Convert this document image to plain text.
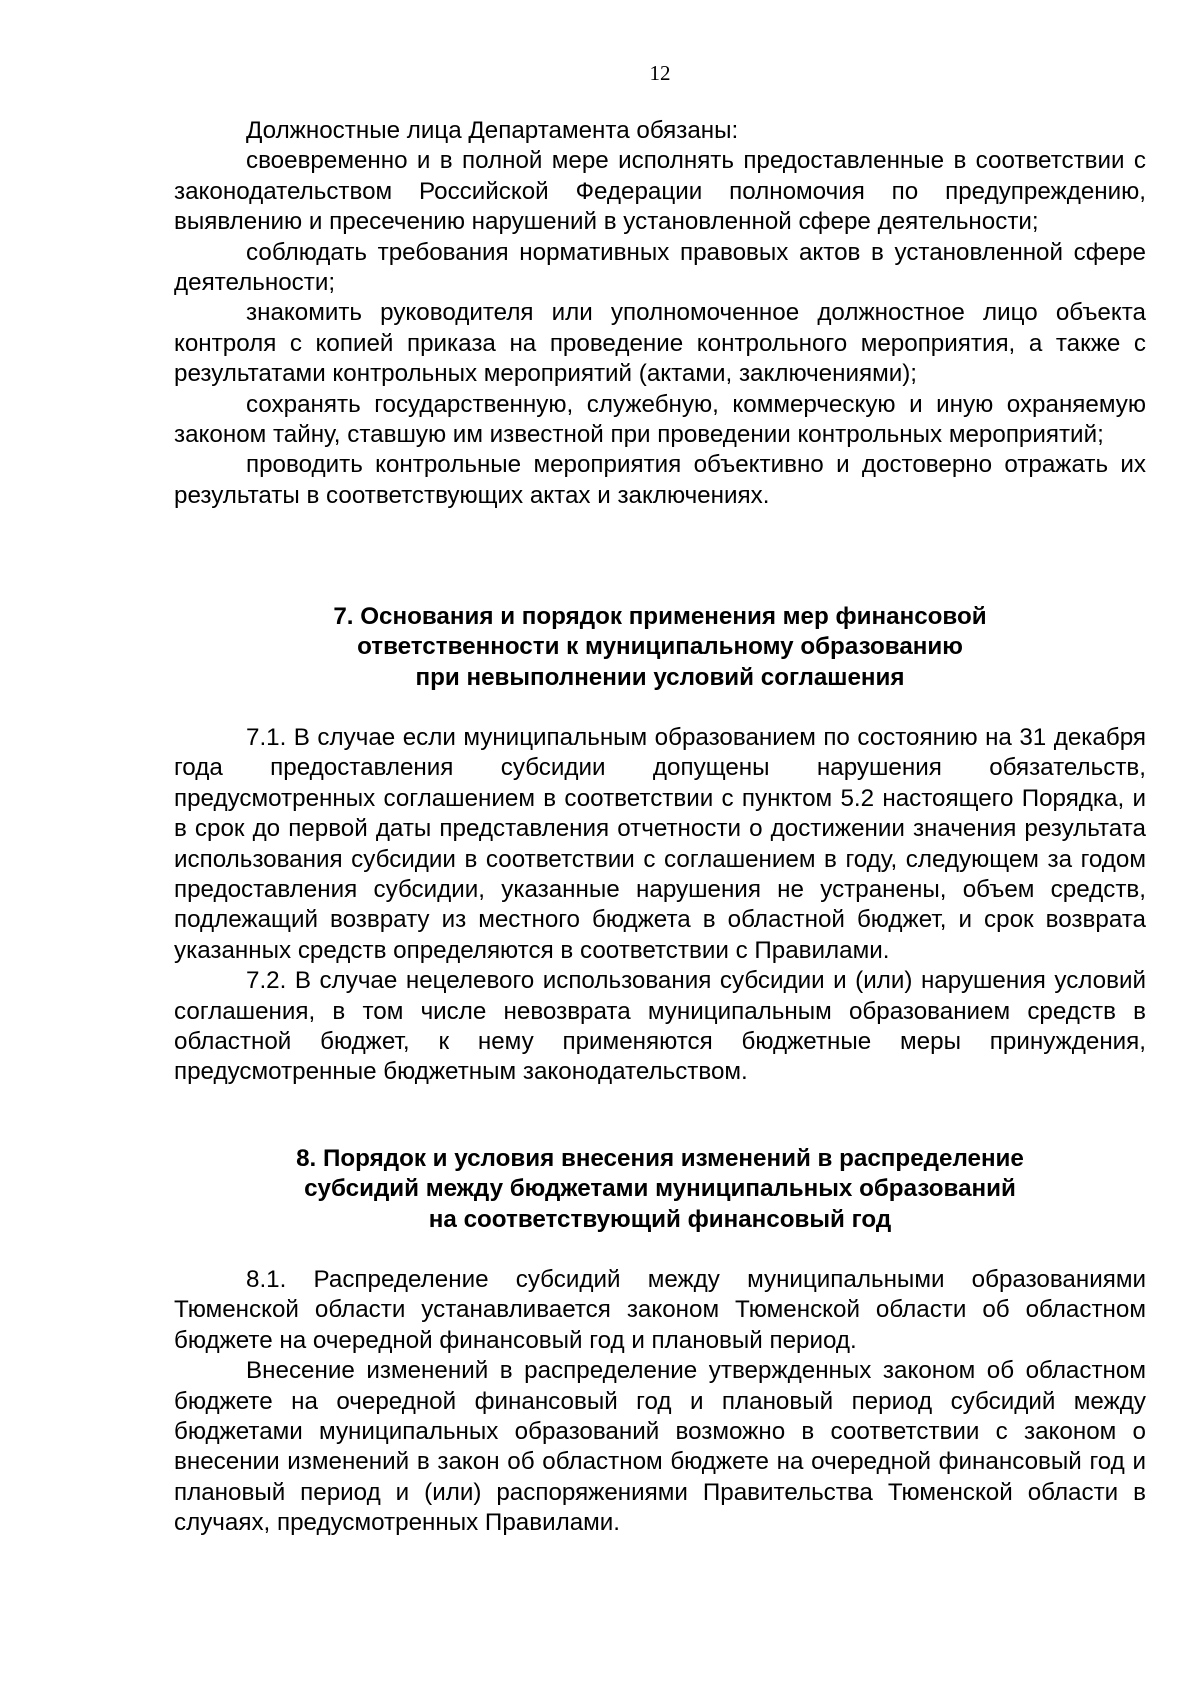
12

Должностные лица Департамента обязаны:

своевременно и в полной мере исполнять предоставленные в соответствии с законодательством Российской Федерации полномочия по предупреждению, выявлению и пресечению нарушений в установленной сфере деятельности;

соблюдать требования нормативных правовых актов в установленной сфере деятельности;

знакомить руководителя или уполномоченное должностное лицо объекта контроля с копией приказа на проведение контрольного мероприятия, а также с результатами контрольных мероприятий (актами, заключениями);

сохранять государственную, служебную, коммерческую и иную охраняемую законом тайну, ставшую им известной при проведении контрольных мероприятий;

проводить контрольные мероприятия объективно и достоверно отражать их результаты в соответствующих актах и заключениях.

7. Основания и порядок применения мер финансовой
ответственности к муниципальному образованию
при невыполнении условий соглашения

7.1. В случае если муниципальным образованием по состоянию на 31 декабря года предоставления субсидии допущены нарушения обязательств, предусмотренных соглашением в соответствии с пунктом 5.2 настоящего Порядка, и в срок до первой даты представления отчетности о достижении значения результата использования субсидии в соответствии с соглашением в году, следующем за годом предоставления субсидии, указанные нарушения не устранены, объем средств, подлежащий возврату из местного бюджета в областной бюджет, и срок возврата указанных средств определяются в соответствии с Правилами.

7.2. В случае нецелевого использования субсидии и (или) нарушения условий соглашения, в том числе невозврата муниципальным образованием средств в областной бюджет, к нему применяются бюджетные меры принуждения, предусмотренные бюджетным законодательством.

8. Порядок и условия внесения изменений в распределение
субсидий между бюджетами муниципальных образований
на соответствующий финансовый год

8.1. Распределение субсидий между муниципальными образованиями Тюменской области устанавливается законом Тюменской области об областном бюджете на очередной финансовый год и плановый период.

Внесение изменений в распределение утвержденных законом об областном бюджете на очередной финансовый год и плановый период субсидий между бюджетами муниципальных образований возможно в соответствии с законом о внесении изменений в закон об областном бюджете на очередной финансовый год и плановый период и (или) распоряжениями Правительства Тюменской области в случаях, предусмотренных Правилами.
